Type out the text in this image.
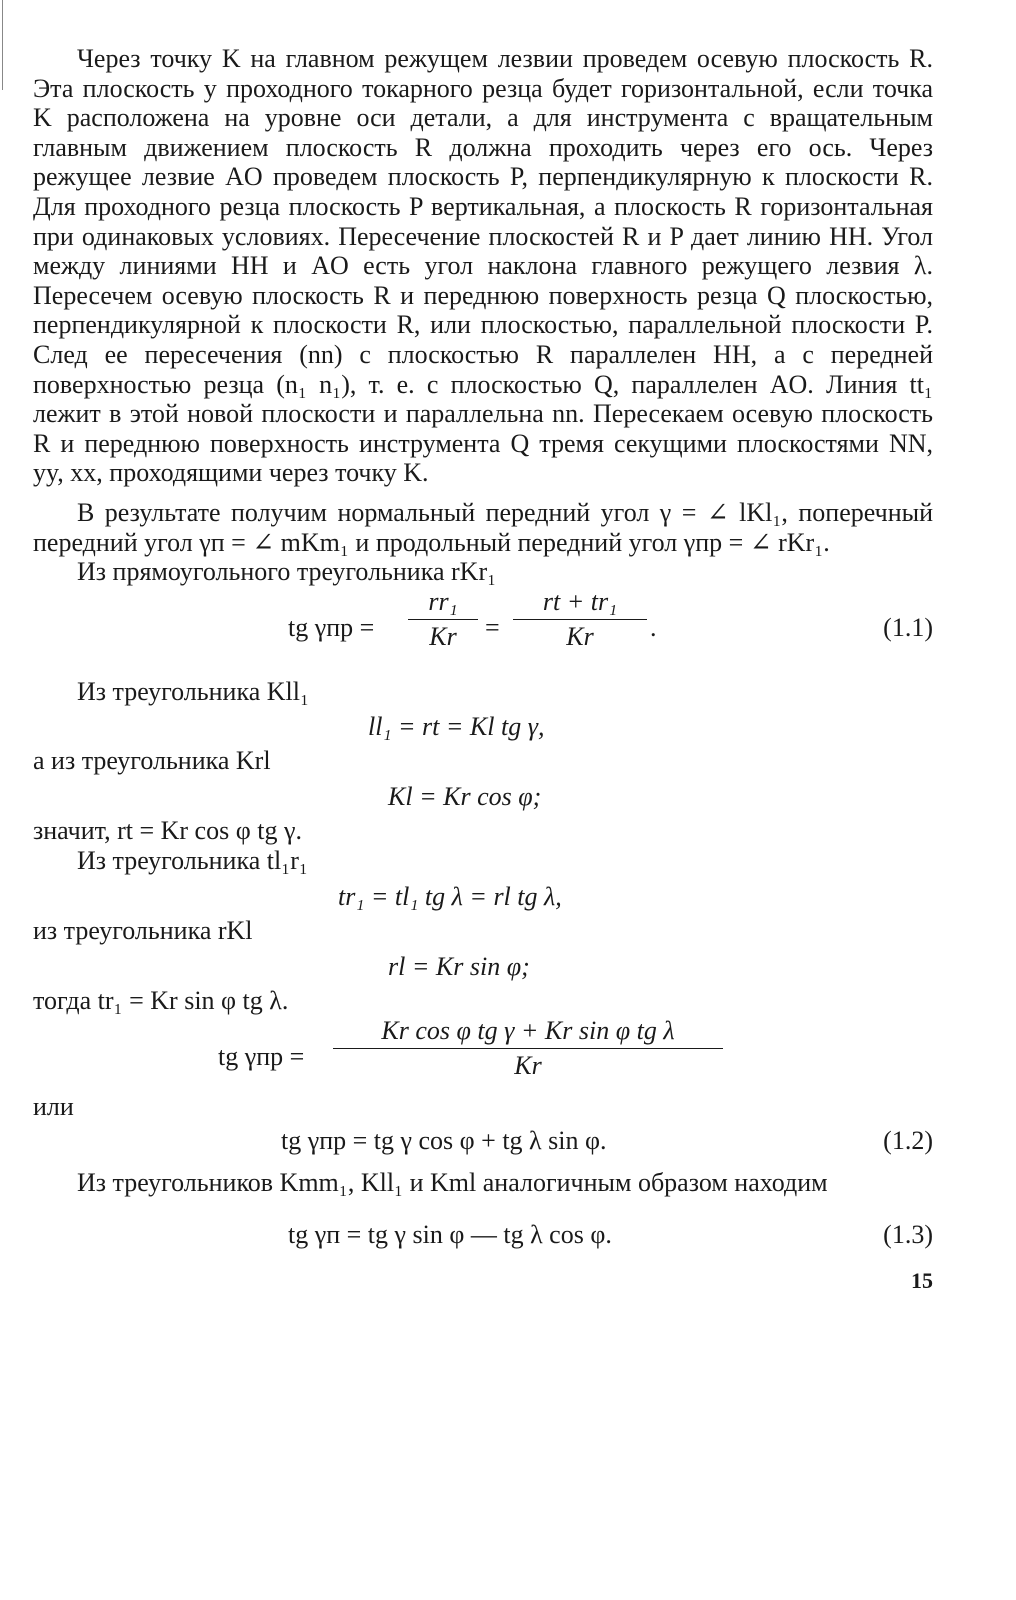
Через точку K на главном режущем лезвии проведем осевую плоскость R. Эта плоскость у проходного токарного резца будет горизонтальной, если точка K расположена на уровне оси детали, а для инструмента с вращательным главным движением плоскость R должна проходить через его ось. Через режущее лезвие AO проведем плоскость P, перпендикулярную к плоскости R. Для проходного резца плоскость P вертикальная, а плоскость R горизонтальная при одинаковых условиях. Пересечение плоскостей R и P дает линию HH. Угол между линиями HH и AO есть угол наклона главного режущего лезвия λ. Пересечем осевую плоскость R и переднюю поверхность резца Q плоскостью, перпендикулярной к плоскости R, или плоскостью, параллельной плоскости P. След ее пересечения (nn) с плоскостью R параллелен HH, а с передней поверхностью резца (n₁ n₁), т. е. с плоскостью Q, параллелен AO. Линия tt₁ лежит в этой новой плоскости и параллельна nn. Пересекаем осевую плоскость R и переднюю поверхность инструмента Q тремя секущими плоскостями NN, yy, xx, проходящими через точку K.

В результате получим нормальный передний угол γ = ∠ lKl₁, поперечный передний угол γп = ∠ mKm₁ и продольный передний угол γпр = ∠ rKr₁.

Из прямоугольного треугольника rKr₁

tg γпр =
rr₁
Kr	=
rt + tr₁
Kr	.	(1.1)

Из треугольника Kll₁

ll₁ = rt = Kl tg γ,

а из треугольника Krl

Kl = Kr cos φ;

значит, rt = Kr cos φ tg γ.

Из треугольника tl₁r₁

tr₁ = tl₁ tg λ = rl tg λ,

из треугольника rKl

rl = Kr sin φ;

тогда tr₁ = Kr sin φ tg λ.

tg γпр =
Kr cos φ tg γ + Kr sin φ tg λ
Kr

или

tg γпр = tg γ cos φ + tg λ sin φ.	(1.2)

Из треугольников Kmm₁, Kll₁ и Kml аналогичным образом находим

tg γп = tg γ sin φ — tg λ cos φ.	(1.3)
15
